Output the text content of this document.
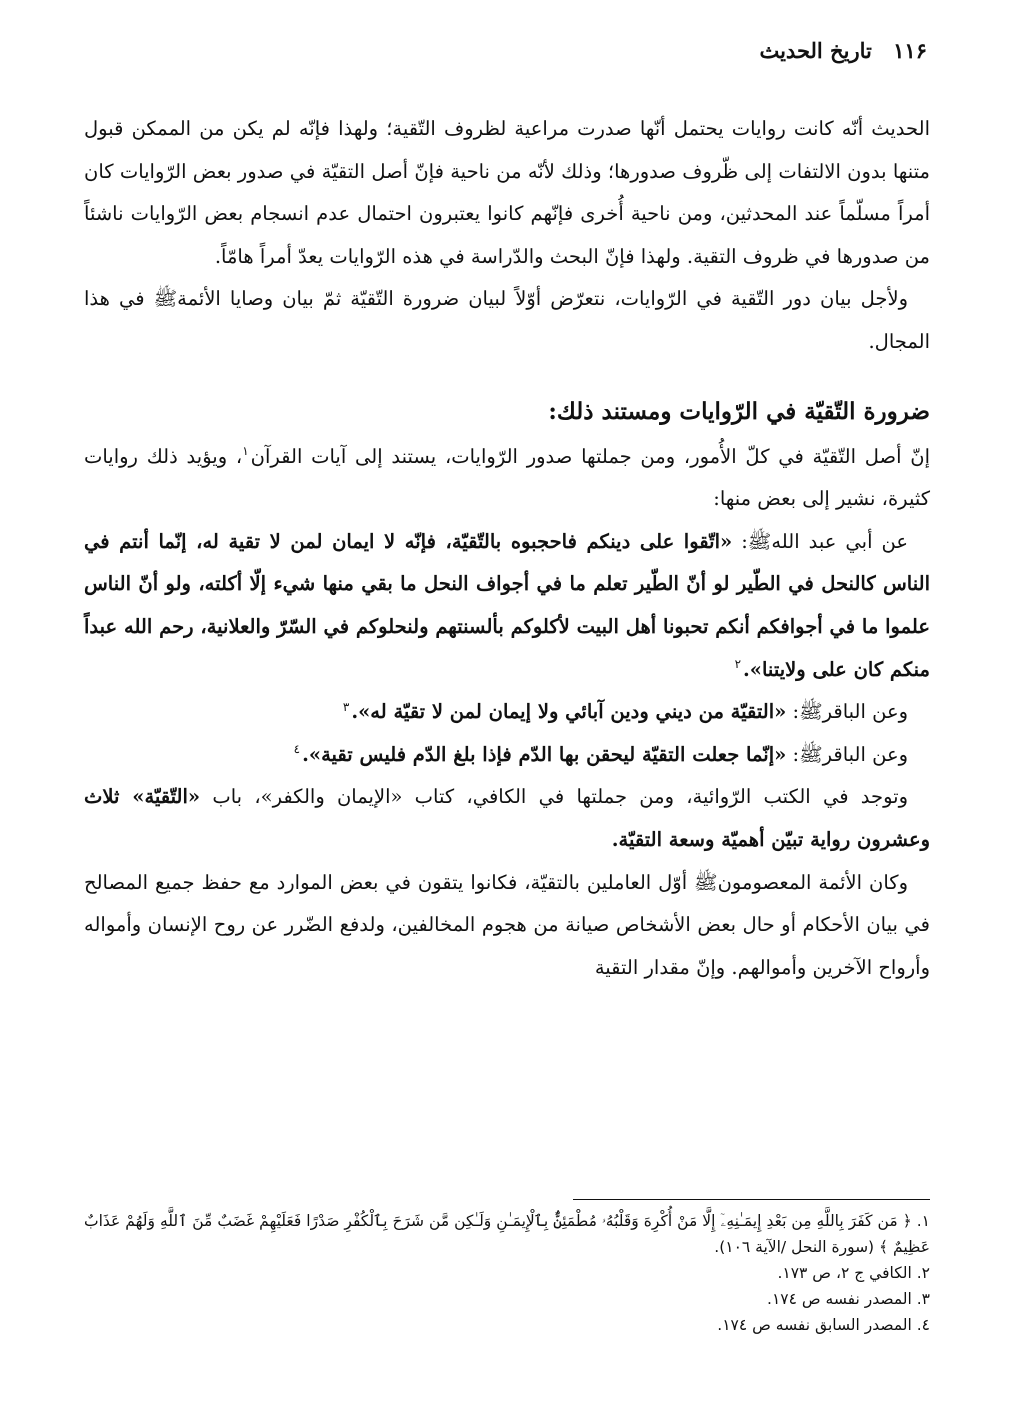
١١۶ تاريخ الحديث

الحديث أنّه كانت روايات يحتمل أنّها صدرت مراعية لظروف التّقية؛ ولهذا فإنّه لم يكن من الممكن قبول متنها بدون الالتفات إلى ظّروف صدورها؛ وذلك لأنّه من ناحية فإنّ أصل التقيّة في صدور بعض الرّوايات كان أمراً مسلّماً عند المحدثين، ومن ناحية أُخرى فإنّهم كانوا يعتبرون احتمال عدم انسجام بعض الرّوايات ناشئاً من صدورها في ظروف التقية. ولهذا فإنّ البحث والدّراسة في هذه الرّوايات يعدّ أمراً هامّاً.

ولأجل بيان دور التّقية في الرّوايات، نتعرّض أوّلاً لبيان ضرورة التّقيّة ثمّ بيان وصايا الأئمةﷺ في هذا المجال.

ضرورة التّقيّة في الرّوايات ومستند ذلك:

إنّ أصل التّقيّة في كلّ الأُمور، ومن جملتها صدور الرّوايات، يستند إلى آيات القرآن$^١$، ويؤيد ذلك روايات كثيرة، نشير إلى بعض منها:

عن أبي عبد اللهﷺ: «اتّقوا على دينكم فاحجبوه بالتّقيّة، فإنّه لا ايمان لمن لا تقية له، إنّما أنتم في الناس كالنحل في الطّير لو أنّ الطّير تعلم ما في أجواف النحل ما بقي منها شيء إلّا أكلته، ولو أنّ الناس علموا ما في أجوافكم أنكم تحبونا أهل البيت لأكلوكم بألسنتهم ولنحلوكم في السّرّ والعلانية، رحم الله عبداً منكم كان على ولايتنا».$^٢$

وعن الباقرﷺ: «التقيّة من ديني ودين آبائي ولا إيمان لمن لا تقيّة له».$^٣$

وعن الباقرﷺ: «إنّما جعلت التقيّة ليحقن بها الدّم فإذا بلغ الدّم فليس تقية».$^٤$

وتوجد في الكتب الرّوائية، ومن جملتها في الكافي، كتاب «الإيمان والكفر»، باب «التّقيّة» ثلاث وعشرون رواية تبيّن أهميّة وسعة التقيّة.

وكان الأئمة المعصومونﷺ أوّل العاملين بالتقيّة، فكانوا يتقون في بعض الموارد مع حفظ جميع المصالح في بيان الأحكام أو حال بعض الأشخاص صيانة من هجوم المخالفين، ولدفع الضّرر عن روح الإنسان وأمواله وأرواح الآخرين وأموالهم. وإنّ مقدار التقية

١. ﴿ مَن كَفَرَ بِاللَّهِ مِن بَعْدِ إِيمَـٰنِهِۦٓ إِلَّا مَنْ أُكْرِهَ وَقَلْبُهُۥ مُطْمَئِنٌّۢ بِٱلْإِيمَـٰنِ وَلَـٰكِن مَّن شَرَحَ بِٱلْكُفْرِ صَدْرًا فَعَلَيْهِمْ غَضَبٌ مِّنَ ٱللَّهِ وَلَهُمْ عَذَابٌ عَظِيمٌ ﴾ (سورة النحل /الآية ١٠٦).

٢. الكافي ج ٢، ص ١٧٣.

٣. المصدر نفسه ص ١٧٤.

٤. المصدر السابق نفسه ص ١٧٤.
